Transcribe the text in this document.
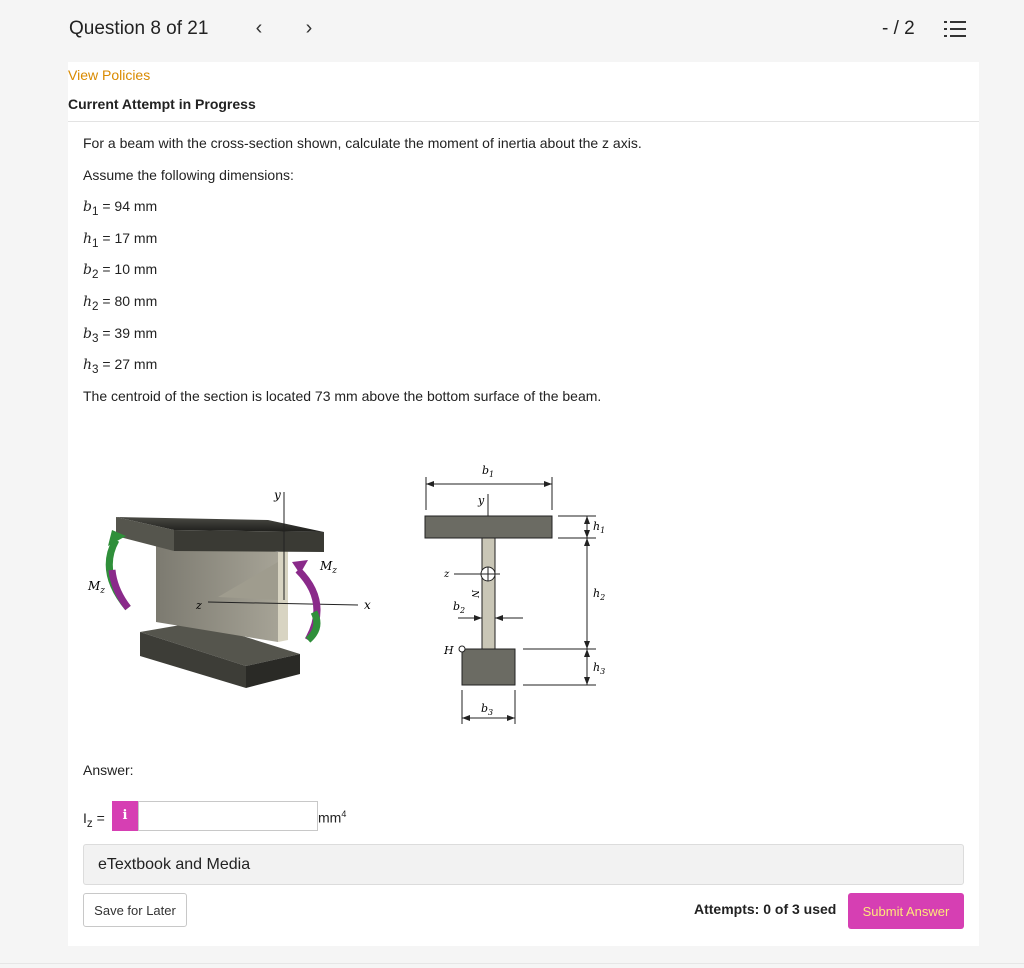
Question 8 of 21	‹	›	- / 2
View Policies
Current Attempt in Progress
For a beam with the cross-section shown, calculate the moment of inertia about the z axis.
Assume the following dimensions:
$b_1 = 94$ mm
$h_1 = 17$ mm
$b_2 = 10$ mm
$h_2 = 80$ mm
$b_3 = 39$ mm
$h_3 = 27$ mm
The centroid of the section is located 73 mm above the bottom surface of the beam.
y
z	x
$M_z$
$M_z$
$b_1$
y
z
N
$b_2$
H
$b_3$
$h_1$
$h_2$
$h_3$
Answer:
$I_z$ =	i	$mm^4$
eTextbook and Media
Save for Later	Attempts: 0 of 3 used	Submit Answer
